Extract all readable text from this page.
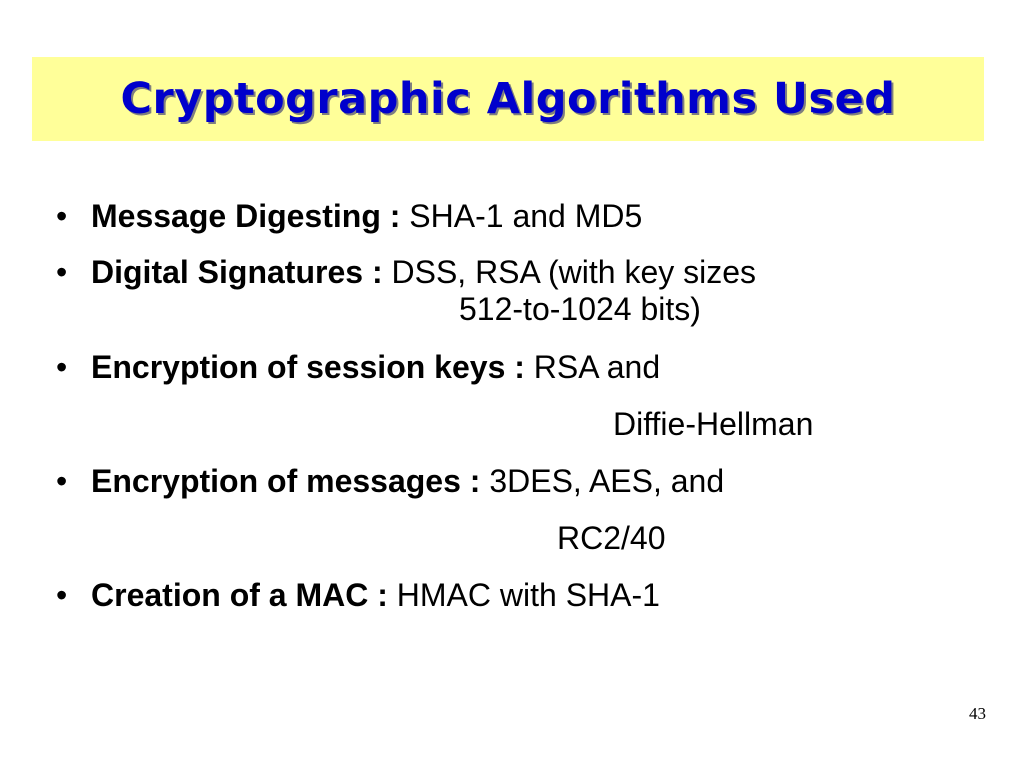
Cryptographic Algorithms Used
• Message Digesting : SHA-1 and MD5
• Digital Signatures : DSS, RSA (with key sizes
512-to-1024 bits)
• Encryption of session keys : RSA and
Diffie-Hellman
• Encryption of messages : 3DES, AES, and
RC2/40
• Creation of a MAC : HMAC with SHA-1
43
